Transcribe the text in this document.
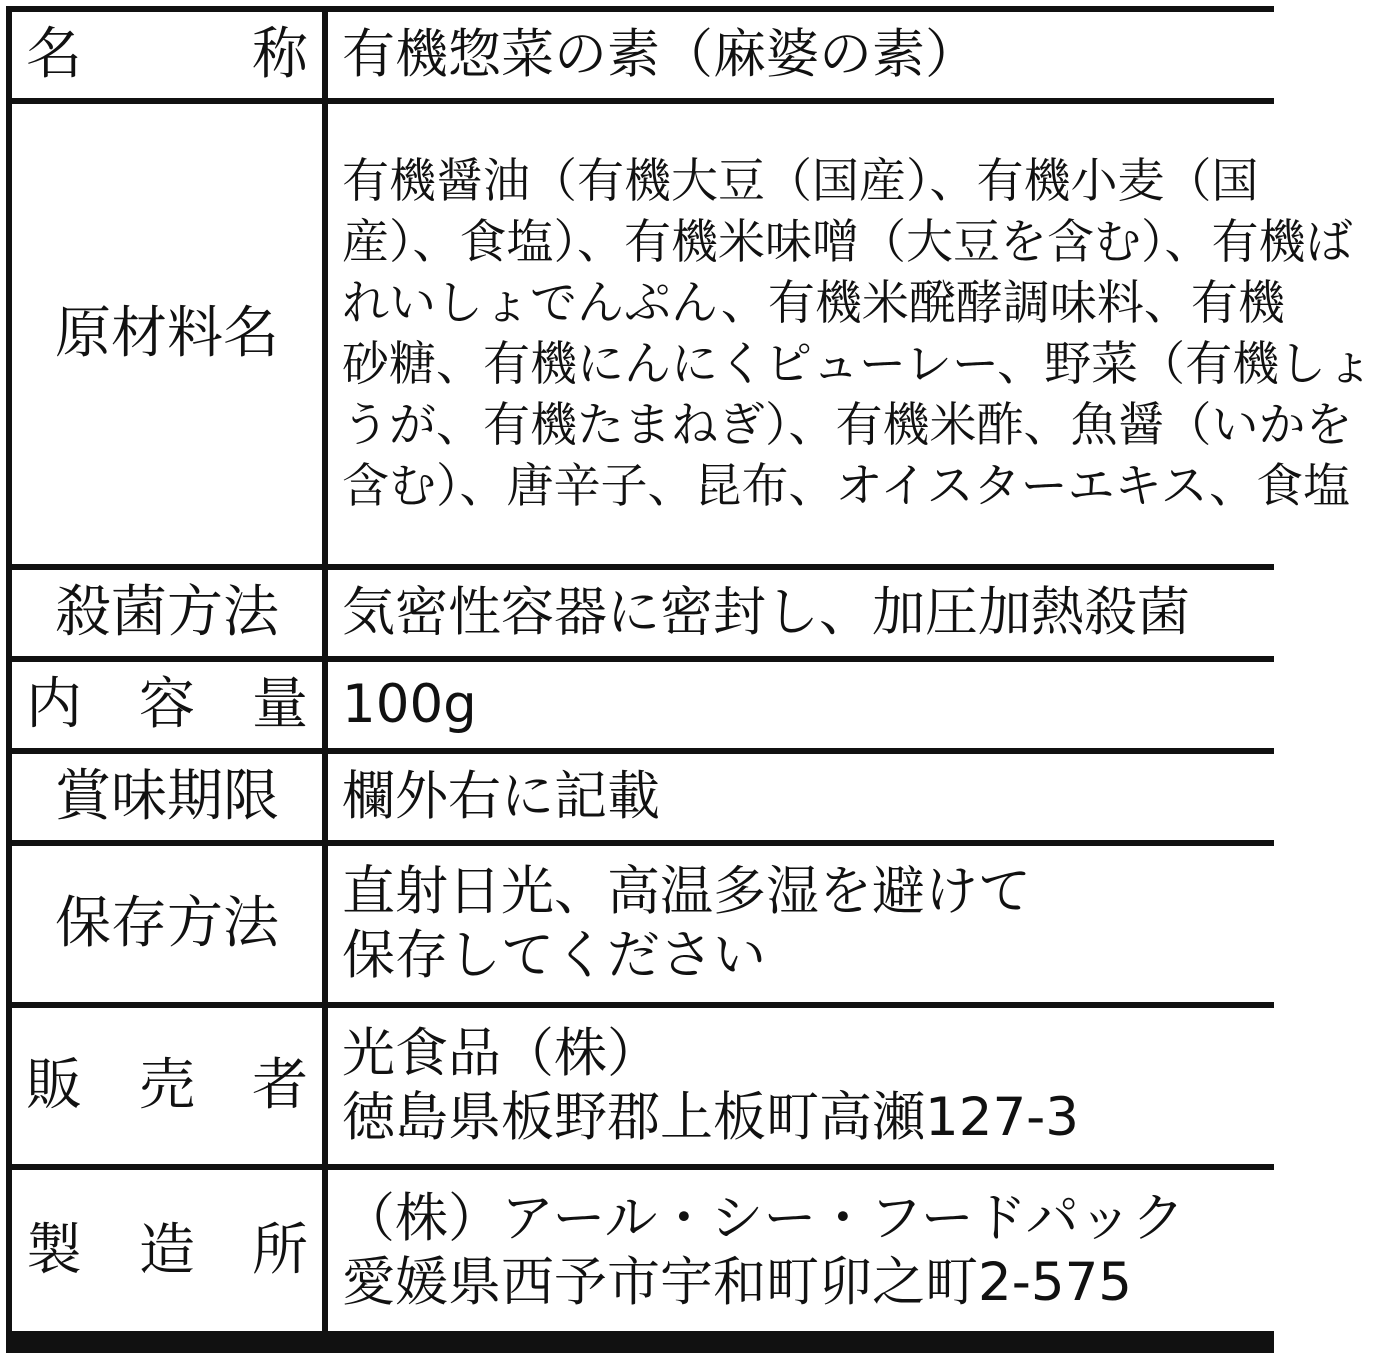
名	称 有機惣菜の素（麻婆の素）
原材料名
有機醤油（有機大豆（国産）、有機小麦（国
産）、食塩）、有機米味噌（大豆を含む）、有機ば
れいしょでんぷん、有機米醗酵調味料、有機
砂糖、有機にんにくピューレー、野菜（有機しょ
うが、有機たまねぎ）、有機米酢、魚醤（いかを
含む）、唐辛子、昆布、オイスターエキス、食塩
殺菌方法 気密性容器に密封し、加圧加熱殺菌
内 容 量 100g
賞味期限 欄外右に記載
保存方法 直射日光、高温多湿を避けて
保存してください
販 売 者 光食品（株）
徳島県板野郡上板町高瀬127-3
製 造 所 （株）アール・シー・フードパック
愛媛県西予市宇和町卯之町2-575
